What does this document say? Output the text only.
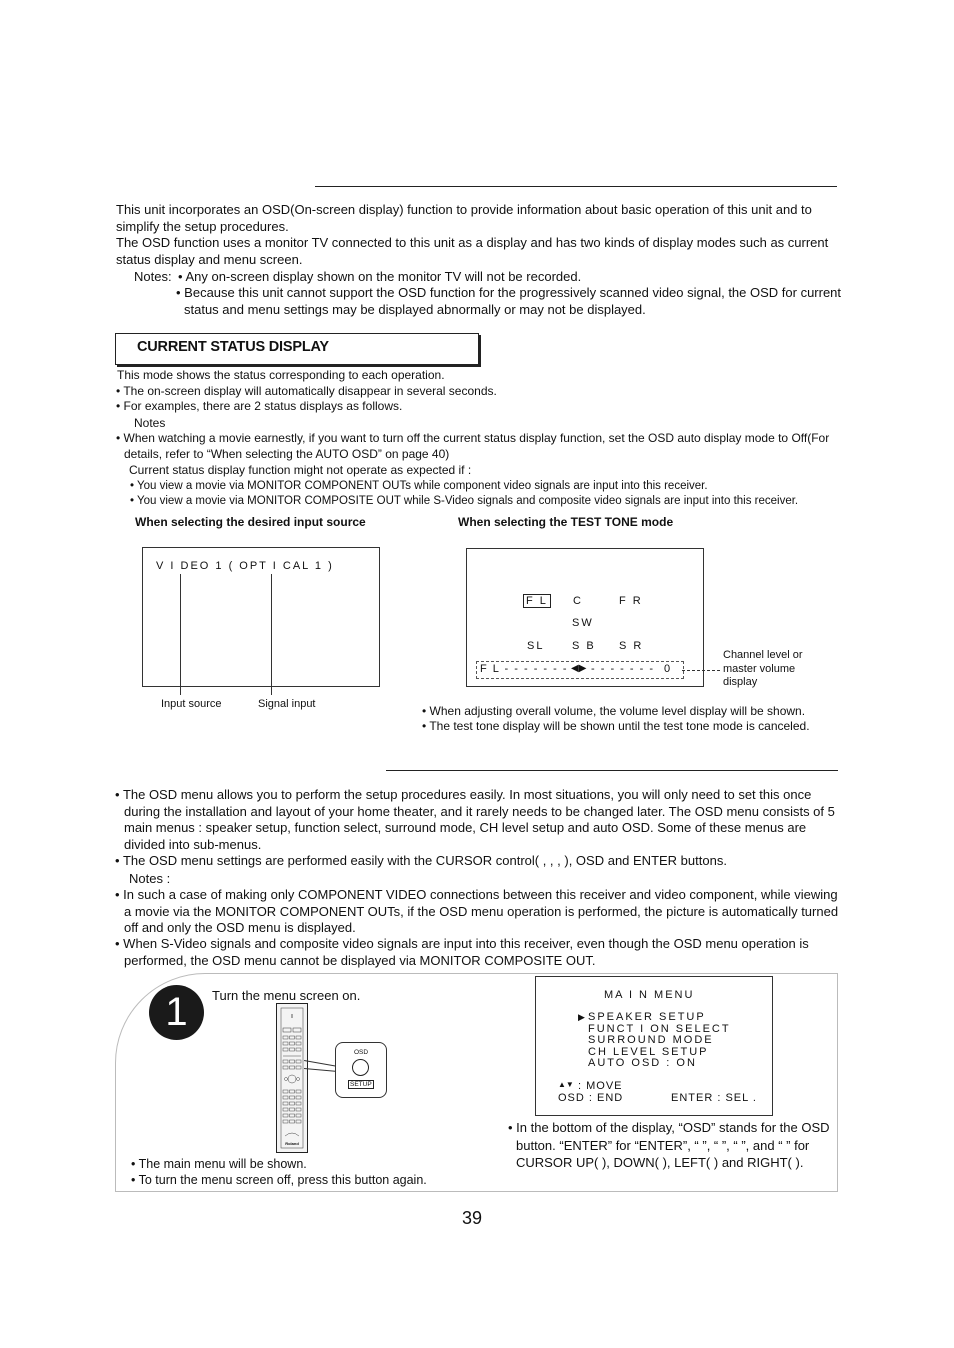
This unit incorporates an OSD(On-screen display) function to provide information about basic operation of this unit and to simplify the setup procedures.
The OSD function uses a monitor TV connected to this unit as a display and has two kinds of display modes such as current status display and menu screen.
Notes: • Any on-screen display shown on the monitor TV will not be recorded.
• Because this unit cannot support the OSD function for the progressively scanned video signal, the OSD for current status and menu settings may be displayed abnormally or may not be displayed.
CURRENT STATUS DISPLAY
This mode shows the status corresponding to each operation.
• The on-screen display will automatically disappear in several seconds.
• For examples, there are 2 status displays as follows.
Notes
• When watching a movie earnestly, if you want to turn off the current status display function, set the OSD auto display mode to Off(For details, refer to “When selecting the AUTO OSD” on page 40)
Current status display function might not operate as expected if :
• You view a movie via MONITOR COMPONENT OUTs while component video signals are input into this receiver.
• You view a movie via MONITOR COMPOSITE OUT while S-Video signals and composite video signals are input into this receiver.
When selecting the desired input source	When selecting the TEST TONE mode
V I DEO 1 ( OPT I CAL 1 )
Input source	Signal input
F L C	F R
SW
SL	S B S R
F L - - - - - - - ◀▶ - - - - - - - 0
Channel level or master volume display
• When adjusting overall volume, the volume level display will be shown.
• The test tone display will be shown until the test tone mode is canceled.
• The OSD menu allows you to perform the setup procedures easily. In most situations, you will only need to set this once during the installation and layout of your home theater, and it rarely needs to be changed later. The OSD menu consists of 5 main menus : speaker setup, function select, surround mode, CH level setup and auto OSD. Some of these menus are divided into sub-menus.
• The OSD menu settings are performed easily with the CURSOR control( , , , ), OSD and ENTER buttons.
Notes :
• In such a case of making only COMPONENT VIDEO connections between this receiver and video component, while viewing a movie via the MONITOR COMPONENT OUTs, if the OSD menu operation is performed, the picture is automatically turned off and only the OSD menu is displayed.
• When S-Video signals and composite video signals are input into this receiver, even though the OSD menu operation is performed, the OSD menu cannot be displayed via MONITOR COMPOSITE OUT.
1	Turn the menu screen on.
Roland
OSD
SETUP
• The main menu will be shown.
• To turn the menu screen off, press this button again.
MA I N MENU
▶ SPEAKER SETUP
FUNCT I ON SELECT
SURROUND MODE
CH LEVEL SETUP
AUTO OSD : ON
▲▼ : MOVE
OSD : END	ENTER : SEL .
• In the bottom of the display, “OSD” stands for the OSD button. “ENTER” for “ENTER”, “ ”, “ ”, “ ”, and “ ” for CURSOR UP( ), DOWN( ), LEFT( ) and RIGHT( ).
39
